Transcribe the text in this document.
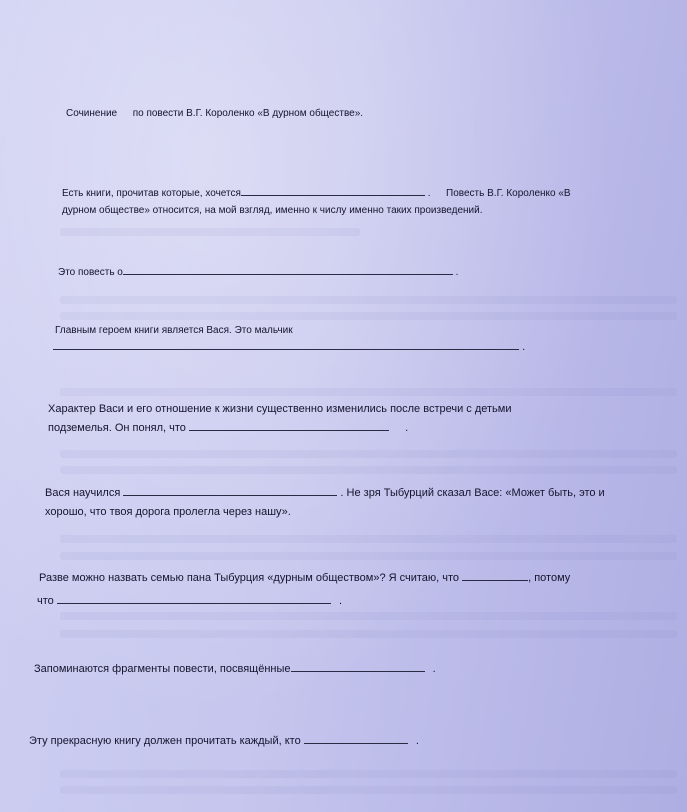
Сочинение по повести В.Г. Короленко «В дурном обществе».
Есть книги, прочитав которые, хочется	. Повесть В.Г. Короленко «В
дурном обществе» относится, на мой взгляд, именно к числу именно таких произведений.
Это повесть о	.
Главным героем книги является Вася. Это мальчик
.
Характер Васи и его отношение к жизни существенно изменились после встречи с детьми
подземелья. Он понял, что	.
Вася научился	. Не зря Тыбурций сказал Васе: «Может быть, это и
хорошо, что твоя дорога пролегла через нашу».
Разве можно назвать семью пана Тыбурция «дурным обществом»? Я считаю, что	, потому
что	.
Запоминаются фрагменты повести, посвящённые	.
Эту прекрасную книгу должен прочитать каждый, кто	.
